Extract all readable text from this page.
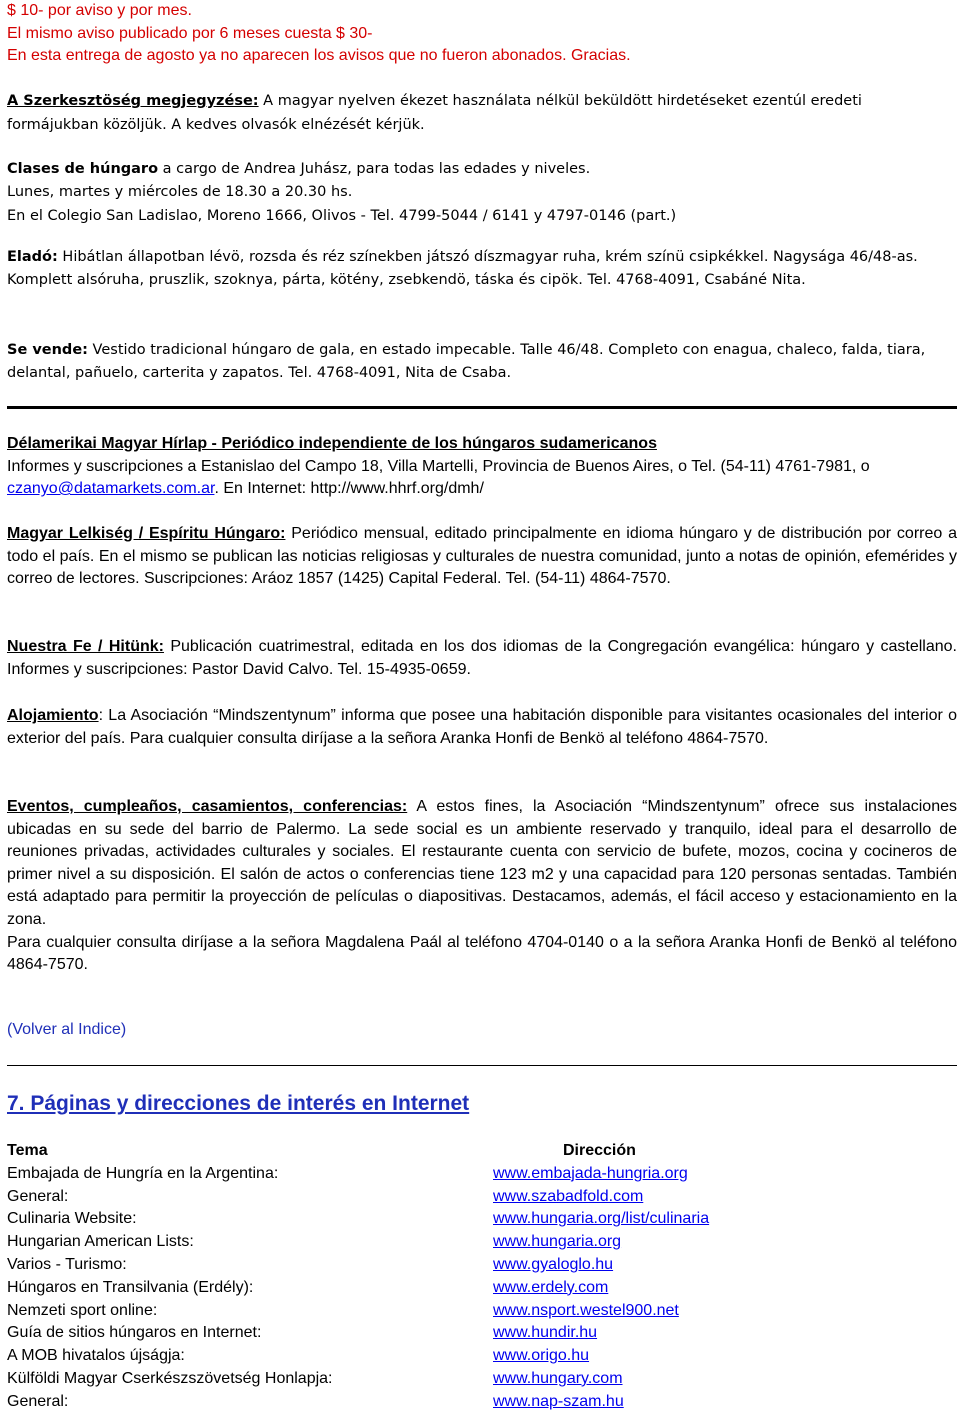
$ 10- por aviso y por mes.

El mismo aviso publicado por 6 meses cuesta $ 30-

En esta entrega de agosto ya no aparecen los avisos que no fueron abonados. Gracias.

A Szerkesztöség megjegyzése: A magyar nyelven ékezet használata nélkül beküldött hirdetéseket ezentúl eredeti formájukban közöljük. A kedves olvasók elnézését kérjük.

Clases de húngaro a cargo de Andrea Juhász, para todas las edades y niveles.

Lunes, martes y miércoles de 18.30 a 20.30 hs.

En el Colegio San Ladislao, Moreno 1666, Olivos - Tel. 4799-5044 / 6141 y 4797-0146 (part.)

Eladó: Hibátlan állapotban lévö, rozsda és réz színekben játszó díszmagyar ruha, krém színü csipkékkel. Nagysága 46/48-as. Komplett alsóruha, pruszlik, szoknya, párta, kötény, zsebkendö, táska és cipök. Tel. 4768-4091, Csabáné Nita.

Se vende: Vestido tradicional húngaro de gala, en estado impecable. Talle 46/48. Completo con enagua, chaleco, falda, tiara, delantal, pañuelo, carterita y zapatos. Tel. 4768-4091, Nita de Csaba.

Délamerikai Magyar Hírlap - Periódico independiente de los húngaros sudamericanos

Informes y suscripciones a Estanislao del Campo 18, Villa Martelli, Provincia de Buenos Aires, o Tel. (54-11) 4761-7981, o czanyo@datamarkets.com.ar. En Internet: http://www.hhrf.org/dmh/

Magyar Lelkiség / Espíritu Húngaro: Periódico mensual, editado principalmente en idioma húngaro y de distribución por correo a todo el país. En el mismo se publican las noticias religiosas y culturales de nuestra comunidad, junto a notas de opinión, efemérides y correo de lectores. Suscripciones: Aráoz 1857 (1425) Capital Federal. Tel. (54-11) 4864-7570.

Nuestra Fe / Hitünk: Publicación cuatrimestral, editada en los dos idiomas de la Congregación evangélica: húngaro y castellano. Informes y suscripciones: Pastor David Calvo. Tel. 15-4935-0659.

Alojamiento: La Asociación “Mindszentynum” informa que posee una habitación disponible para visitantes ocasionales del interior o exterior del país. Para cualquier consulta diríjase a la señora Aranka Honfi de Benkö al teléfono 4864-7570.

Eventos, cumpleaños, casamientos, conferencias: A estos fines, la Asociación “Mindszentynum” ofrece sus instalaciones ubicadas en su sede del barrio de Palermo. La sede social es un ambiente reservado y tranquilo, ideal para el desarrollo de reuniones privadas, actividades culturales y sociales. El restaurante cuenta con servicio de bufete, mozos, cocina y cocineros de primer nivel a su disposición. El salón de actos o conferencias tiene 123 m2 y una capacidad para 120 personas sentadas. También está adaptado para permitir la proyección de películas o diapositivas. Destacamos, además, el fácil acceso y estacionamiento en la zona.

Para cualquier consulta diríjase a la señora Magdalena Paál al teléfono 4704-0140 o a la señora Aranka Honfi de Benkö al teléfono 4864-7570.

(Volver al Indice)
7. Páginas y direcciones de interés en Internet
Tema	Dirección
Embajada de Hungría en la Argentina:	www.embajada-hungria.org
General:	www.szabadfold.com
Culinaria Website:	www.hungaria.org/list/culinaria
Hungarian American Lists:	www.hungaria.org
Varios - Turismo:	www.gyaloglo.hu
Húngaros en Transilvania (Erdély):	www.erdely.com
Nemzeti sport online:	www.nsport.westel900.net
Guía de sitios húngaros en Internet:	www.hundir.hu
A MOB hivatalos újságja:	www.origo.hu
Külföldi Magyar Cserkészszövetség Honlapja:	www.hungary.com
General:	www.nap-szam.hu
